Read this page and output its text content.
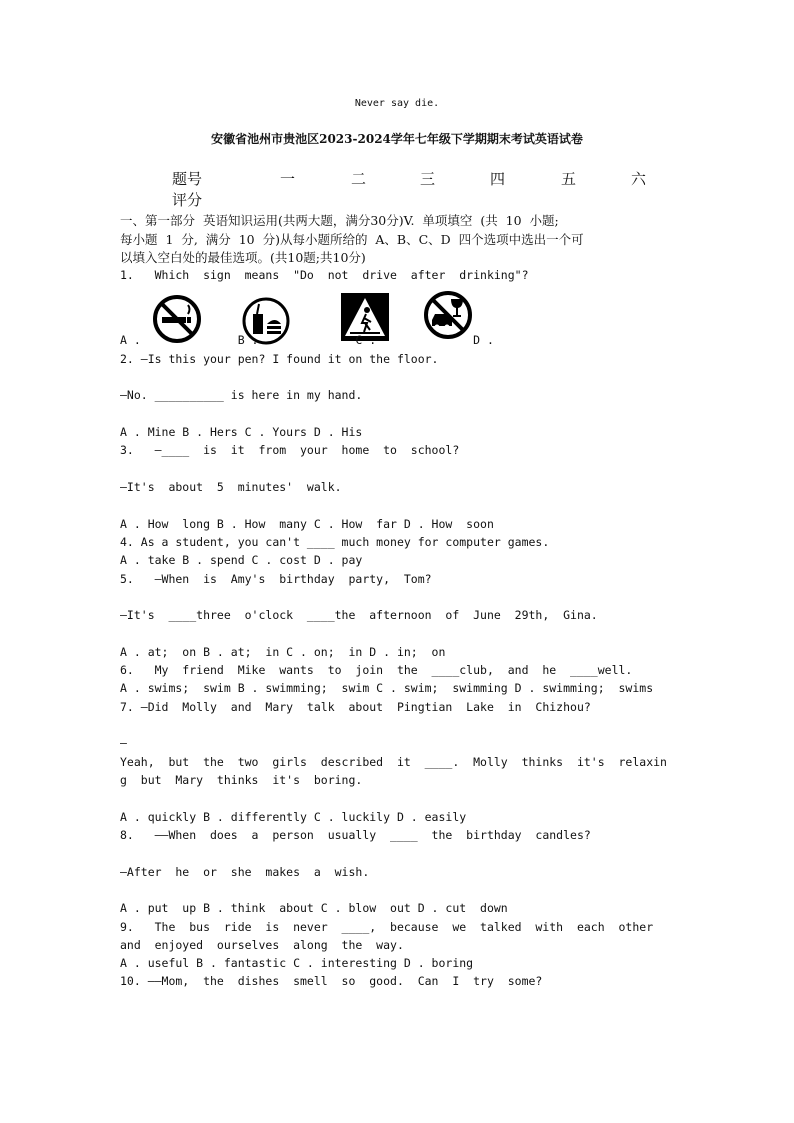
Never say die.
安徽省池州市贵池区2023-2024学年七年级下学期期末考试英语试卷
题号	一	二	三	四	五	六
评分
一、第一部分  英语知识运用(共两大题，满分30分)V.  单项填空  (共  10  小题;
每小题  1  分,  满分  10  分)从每小题所给的  A、B、C、D  四个选项中选出一个可
以填入空白处的最佳选项。(共10题;共10分)
1.   Which  sign  means  "Do  not  drive  after  drinking"?
A .              B .              C .              D .
2. —Is this your pen? I found it on the floor.
—No. __________ is here in my hand.
A . Mine B . Hers C . Yours D . His
3.   —____  is  it  from  your  home  to  school?
—It's  about  5  minutes'  walk.
A . How  long B . How  many C . How  far D . How  soon
4. As a student, you can't ____ much money for computer games.
A . take B . spend C . cost D . pay
5.   —When  is  Amy's  birthday  party,  Tom?
—It's  ____three  o'clock  ____the  afternoon  of  June  29th,  Gina.
A . at;  on B . at;  in C . on;  in D . in;  on
6.   My  friend  Mike  wants  to  join  the  ____club,  and  he  ____well.
A . swims;  swim B . swimming;  swim C . swim;  swimming D . swimming;  swims
7. —Did  Molly  and  Mary  talk  about  Pingtian  Lake  in  Chizhou?
—
Yeah,  but  the  two  girls  described  it  ____.  Molly  thinks  it's  relaxin
g  but  Mary  thinks  it's  boring.
A . quickly B . differently C . luckily D . easily
8.   ——When  does  a  person  usually  ____  the  birthday  candles?
—After  he  or  she  makes  a  wish.
A . put  up B . think  about C . blow  out D . cut  down
9.   The  bus  ride  is  never  ____,  because  we  talked  with  each  other
and  enjoyed  ourselves  along  the  way.
A . useful B . fantastic C . interesting D . boring
10. ——Mom,  the  dishes  smell  so  good.  Can  I  try  some?
